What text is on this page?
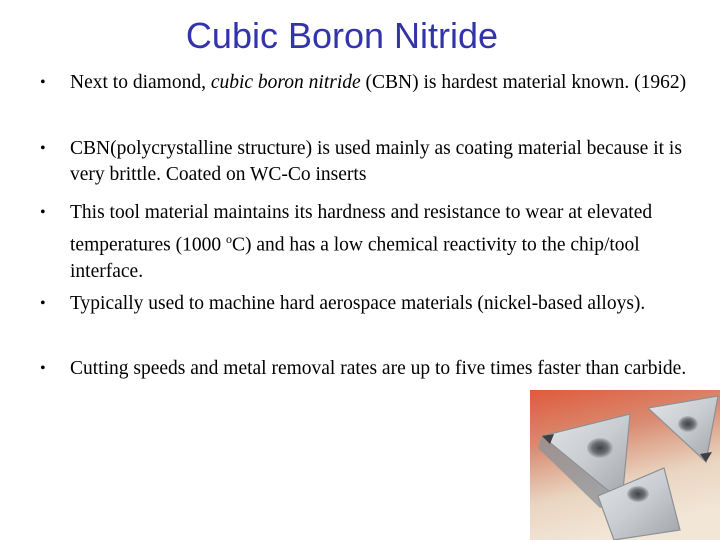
Cubic Boron Nitride
•	Next to diamond, cubic boron nitride (CBN) is hardest material known. (1962)
•	CBN(polycrystalline structure) is used mainly as coating material because it is very brittle. Coated on WC‐Co inserts
•	This tool material maintains its hardness and resistance to wear at elevated temperatures (1000 $^o$C) and has a low chemical reactivity to the chip/tool interface.
•	Typically used to machine hard aerospace materials (nickel‐based alloys).
•	Cutting speeds and metal removal rates are up to five times faster than carbide.
